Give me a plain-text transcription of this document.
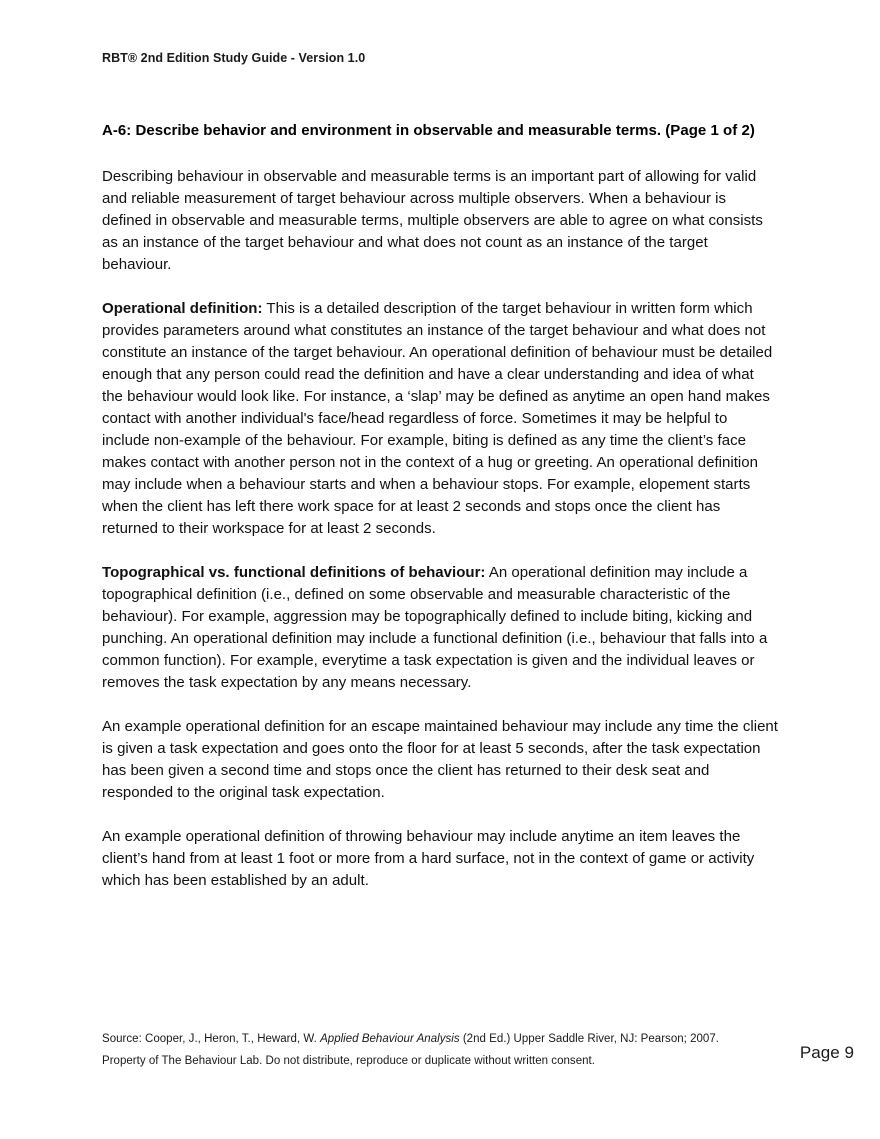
RBT® 2nd Edition Study Guide - Version 1.0
A-6: Describe behavior and environment in observable and measurable terms. (Page 1 of 2)

Describing behaviour in observable and measurable terms is an important part of allowing for valid and reliable measurement of target behaviour across multiple observers. When a behaviour is defined in observable and measurable terms, multiple observers are able to agree on what consists as an instance of the target behaviour and what does not count as an instance of the target behaviour.

Operational definition: This is a detailed description of the target behaviour in written form which provides parameters around what constitutes an instance of the target behaviour and what does not constitute an instance of the target behaviour. An operational definition of behaviour must be detailed enough that any person could read the definition and have a clear understanding and idea of what the behaviour would look like. For instance, a ‘slap’ may be defined as anytime an open hand makes contact with another individual's face/head regardless of force. Sometimes it may be helpful to include non-example of the behaviour. For example, biting is defined as any time the client’s face makes contact with another person not in the context of a hug or greeting. An operational definition may include when a behaviour starts and when a behaviour stops. For example, elopement starts when the client has left there work space for at least 2 seconds and stops once the client has returned to their workspace for at least 2 seconds.

Topographical vs. functional definitions of behaviour: An operational definition may include a topographical definition (i.e., defined on some observable and measurable characteristic of the behaviour). For example, aggression may be topographically defined to include biting, kicking and punching. An operational definition may include a functional definition (i.e., behaviour that falls into a common function). For example, everytime a task expectation is given and the individual leaves or removes the task expectation by any means necessary.

An example operational definition for an escape maintained behaviour may include any time the client is given a task expectation and goes onto the floor for at least 5 seconds, after the task expectation has been given a second time and stops once the client has returned to their desk seat and responded to the original task expectation.

An example operational definition of throwing behaviour may include anytime an item leaves the client’s hand from at least 1 foot or more from a hard surface, not in the context of game or activity which has been established by an adult.

Source: Cooper, J., Heron, T., Heward, W. Applied Behaviour Analysis (2nd Ed.) Upper Saddle River, NJ: Pearson; 2007.
Property of The Behaviour Lab. Do not distribute, reproduce or duplicate without written consent.	Page 9
